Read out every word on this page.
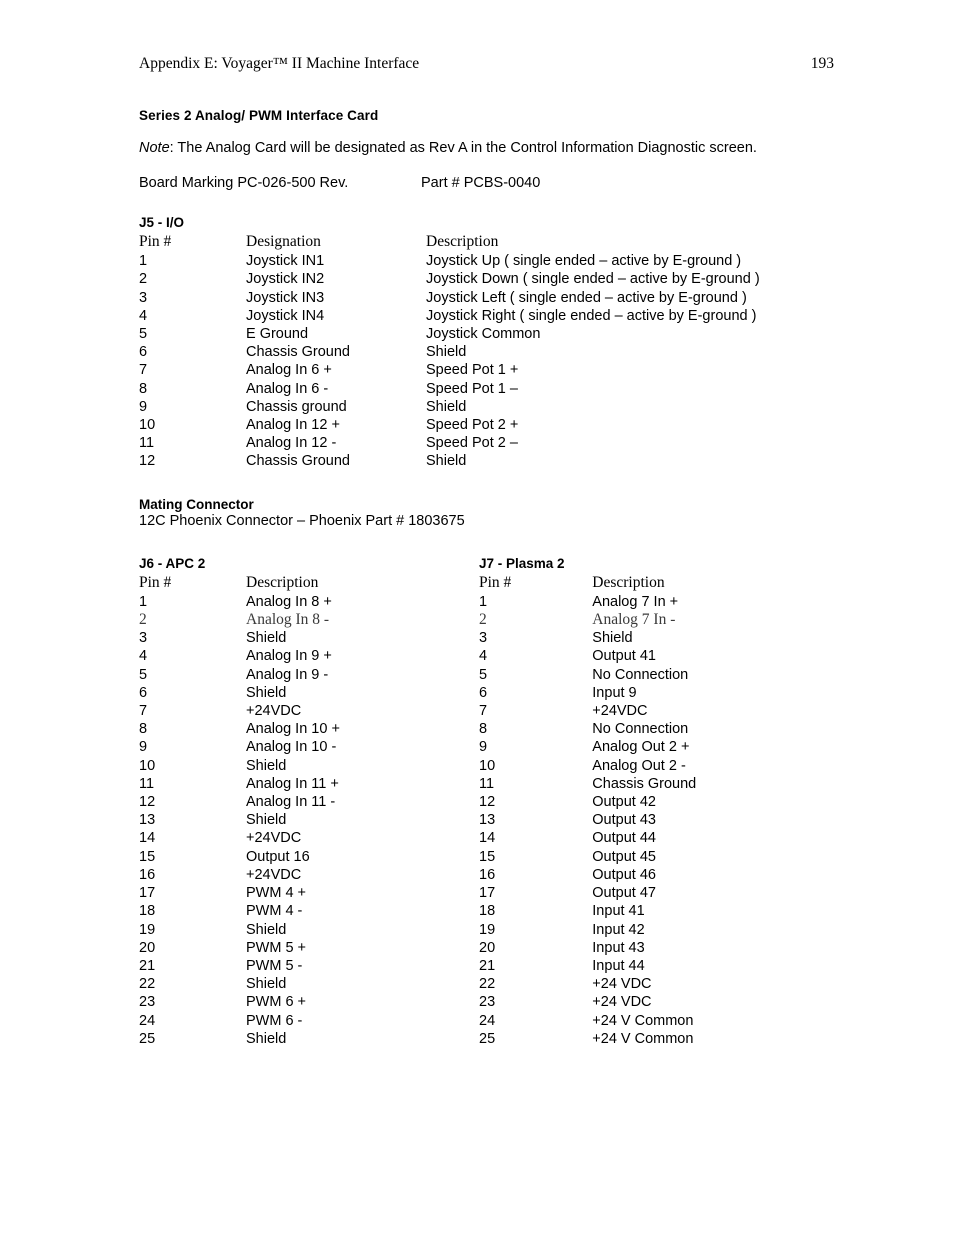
Appendix E: Voyager™ II Machine Interface	193
Series 2 Analog/ PWM Interface Card

Note: The Analog Card will be designated as Rev A in the Control Information Diagnostic screen.

Board Marking PC-026-500 Rev.	Part # PCBS-0040
J5 - I/O
Pin #	Designation	Description
1	Joystick IN1	Joystick Up ( single ended – active by E-ground )
2	Joystick IN2	Joystick Down ( single ended – active by E-ground )
3	Joystick IN3	Joystick Left ( single ended – active by E-ground )
4	Joystick IN4	Joystick Right ( single ended – active by E-ground )
5	E Ground	Joystick Common
6	Chassis Ground	Shield
7	Analog In 6 +	Speed Pot 1 +
8	Analog In 6 -	Speed Pot 1 –
9	Chassis ground	Shield
10	Analog In 12 +	Speed Pot 2 +
11	Analog In 12 -	Speed Pot 2 –
12	Chassis Ground	Shield
Mating Connector

12C Phoenix Connector – Phoenix Part # 1803675

J6 - APC 2
Pin #	Description
1	Analog In 8 +
2	Analog In 8 -
3	Shield
4	Analog In 9 +
5	Analog In 9 -
6	Shield
7	+24VDC
8	Analog In 10 +
9	Analog In 10 -
10	Shield
11	Analog In 11 +
12	Analog In 11 -
13	Shield
14	+24VDC
15	Output 16
16	+24VDC
17	PWM 4 +
18	PWM 4 -
19	Shield
20	PWM 5 +
21	PWM 5 -
22	Shield
23	PWM 6 +
24	PWM 6 -
25	Shield
J7 - Plasma 2
Pin #	Description
1	Analog 7 In +
2	Analog 7 In -
3	Shield
4	Output 41
5	No Connection
6	Input 9
7	+24VDC
8	No Connection
9	Analog Out 2 +
10	Analog Out 2 -
11	Chassis Ground
12	Output 42
13	Output 43
14	Output 44
15	Output 45
16	Output 46
17	Output 47
18	Input 41
19	Input 42
20	Input 43
21	Input 44
22	+24 VDC
23	+24 VDC
24	+24 V Common
25	+24 V Common
